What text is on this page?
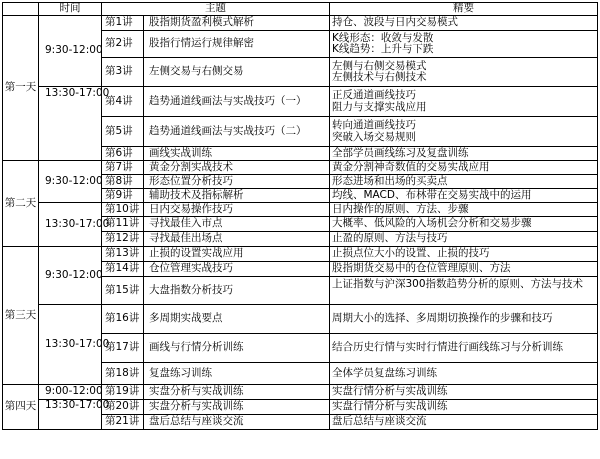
	时间	主题		精要
第一天	9:30-12:00	第1讲	股指期货盈利模式解析	持仓、波段与日内交易模式

		第2讲	股指行情运行规律解密	K线形态：收敛与发散
K线趋势：上升与下跌

		第3讲	左侧交易与右侧交易	左侧与右侧交易模式
左侧技术与右侧技术

	13:30-17:00	第4讲	趋势通道线画法与实战技巧（一）	正反通道画线技巧
阻力与支撑实战应用

		第5讲	趋势通道线画法与实战技巧（二）	转向通道画线技巧
突破入场交易规则

		第6讲	画线实战训练	全部学员画线练习及复盘训练

第二天	9:30-12:00	第7讲	黄金分割实战技术	黄金分割神奇数值的交易实战应用

		第8讲	形态位置分析技巧	形态进场和出场的买卖点

		第9讲	辅助技术及指标解析	均线、MACD、布林带在交易实战中的运用

	13:30-17:00	第10讲	日内交易操作技巧	日内操作的原则、方法、步骤

		第11讲	寻找最佳入市点	大概率、低风险的入场机会分析和交易步骤

		第12讲	寻找最佳出场点	止盈的原则、方法与技巧

第三天	9:30-12:00	第13讲	止损的设置实战应用	止损点位大小的设置、止损的技巧

		第14讲	仓位管理实战技巧	股指期货交易中的仓位管理原则、方法

		第15讲	大盘指数分析技巧	上证指数与沪深300指数趋势分析的原则、方法与技术

	13:30-17:00	第16讲	多周期实战要点	周期大小的选择、多周期切换操作的步骤和技巧

		第17讲	画线与行情分析训练	结合历史行情与实时行情进行画线练习与分析训练

		第18讲	复盘练习训练	全体学员复盘练习训练

第四天	9:00-12:00	第19讲	实盘分析与实战训练	实盘行情分析与实战训练

	13:30-17:00	第20讲	实盘分析与实战训练	实盘行情分析与实战训练

		第21讲	盘后总结与座谈交流	盘后总结与座谈交流
